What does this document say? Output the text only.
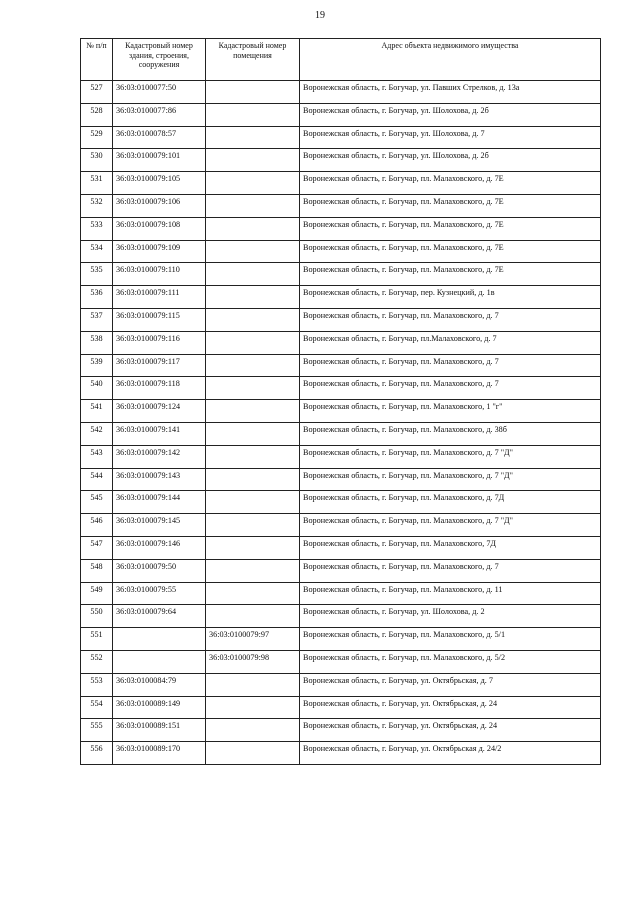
19
№ п/п	Кадастровый номер здания, строения, сооружения	Кадастровый номер помещения	Адрес объекта недвижимого имущества
527	36:03:0100077:50		Воронежская область, г. Богучар, ул. Павших Стрелков, д. 13а
528	36:03:0100077:86		Воронежская область, г. Богучар, ул. Шолохова, д. 2б
529	36:03:0100078:57		Воронежская область, г. Богучар, ул. Шолохова, д. 7
530	36:03:0100079:101		Воронежская область, г. Богучар, ул. Шолохова, д. 2б
531	36:03:0100079:105		Воронежская область, г. Богучар, пл. Малаховского, д. 7Е
532	36:03:0100079:106		Воронежская область, г. Богучар, пл. Малаховского, д. 7Е
533	36:03:0100079:108		Воронежская область, г. Богучар, пл. Малаховского, д. 7Е
534	36:03:0100079:109		Воронежская область, г. Богучар, пл. Малаховского, д. 7Е
535	36:03:0100079:110		Воронежская область, г. Богучар, пл. Малаховского, д. 7Е
536	36:03:0100079:111		Воронежская область, г. Богучар, пер. Кузнецкий, д. 1в
537	36:03:0100079:115		Воронежская область, г. Богучар, пл. Малаховского, д. 7
538	36:03:0100079:116		Воронежская область, г. Богучар, пл.Малаховского, д. 7
539	36:03:0100079:117		Воронежская область, г. Богучар, пл. Малаховского, д. 7
540	36:03:0100079:118		Воронежская область, г. Богучар, пл. Малаховского, д. 7
541	36:03:0100079:124		Воронежская область, г. Богучар, пл. Малаховского, 1 "г"
542	36:03:0100079:141		Воронежская область, г. Богучар, пл. Малаховского, д. 38б
543	36:03:0100079:142		Воронежская область, г. Богучар, пл. Малаховского, д. 7 "Д"
544	36:03:0100079:143		Воронежская область, г. Богучар, пл. Малаховского, д. 7 "Д"
545	36:03:0100079:144		Воронежская область, г. Богучар, пл. Малаховского, д. 7Д
546	36:03:0100079:145		Воронежская область, г. Богучар, пл. Малаховского, д. 7 "Д"
547	36:03:0100079:146		Воронежская область, г. Богучар, пл. Малаховского, 7Д
548	36:03:0100079:50		Воронежская область, г. Богучар, пл. Малаховского, д. 7
549	36:03:0100079:55		Воронежская область, г. Богучар, пл. Малаховского, д. 11
550	36:03:0100079:64		Воронежская область, г. Богучар, ул. Шолохова, д. 2
551		36:03:0100079:97	Воронежская область, г. Богучар, пл. Малаховского, д. 5/1
552		36:03:0100079:98	Воронежская область, г. Богучар, пл. Малаховского, д. 5/2
553	36:03:0100084:79		Воронежская область, г. Богучар, ул. Октябрьская, д. 7
554	36:03:0100089:149		Воронежская область, г. Богучар, ул. Октябрьская, д. 24
555	36:03:0100089:151		Воронежская область, г. Богучар, ул. Октябрьская, д. 24
556	36:03:0100089:170		Воронежская область, г. Богучар, ул. Октябрьская д. 24/2
